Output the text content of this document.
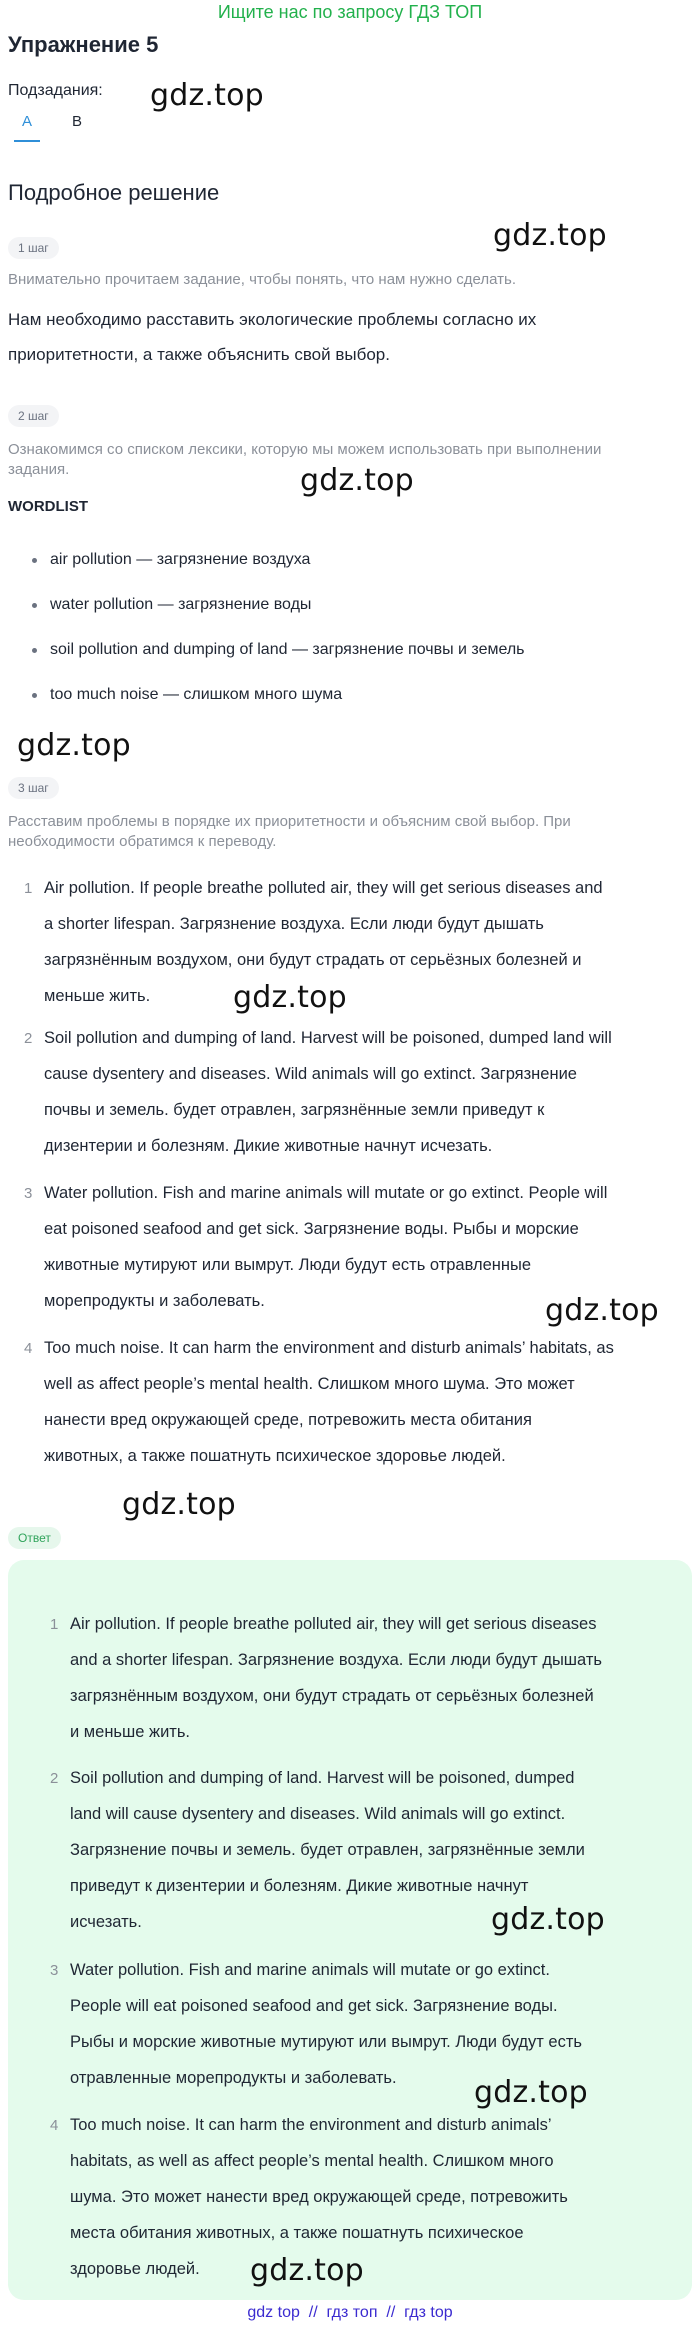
Ищите нас по запросу ГДЗ ТОП
Упражнение 5
Подзадания:
A	B
Подробное решение
1 шаг
Внимательно прочитаем задание, чтобы понять, что нам нужно сделать.
Нам необходимо расставить экологические проблемы согласно их
приоритетности, а также объяснить свой выбор.
2 шаг
Ознакомимся со списком лексики, которую мы можем использовать при выполнении
задания.
WORDLIST
air pollution — загрязнение воздуха
water pollution — загрязнение воды
soil pollution and dumping of land — загрязнение почвы и земель
too much noise — слишком много шума
3 шаг
Расставим проблемы в порядке их приоритетности и объясним свой выбор. При
необходимости обратимся к переводу.
1 Air pollution. If people breathe polluted air, they will get serious diseases and
a shorter lifespan. Загрязнение воздуха. Если люди будут дышать
загрязнённым воздухом, они будут страдать от серьёзных болезней и
меньше жить.
2 Soil pollution and dumping of land. Harvest will be poisoned, dumped land will
cause dysentery and diseases. Wild animals will go extinct. Загрязнение
почвы и земель. будет отравлен, загрязнённые земли приведут к
дизентерии и болезням. Дикие животные начнут исчезать.
3 Water pollution. Fish and marine animals will mutate or go extinct. People will
eat poisoned seafood and get sick. Загрязнение воды. Рыбы и морские
животные мутируют или вымрут. Люди будут есть отравленные
морепродукты и заболевать.
4 Too much noise. It can harm the environment and disturb animals’ habitats, as
well as affect people’s mental health. Слишком много шума. Это может
нанести вред окружающей среде, потревожить места обитания
животных, а также пошатнуть психическое здоровье людей.
Ответ
1 Air pollution. If people breathe polluted air, they will get serious diseases
and a shorter lifespan. Загрязнение воздуха. Если люди будут дышать
загрязнённым воздухом, они будут страдать от серьёзных болезней
и меньше жить.
2 Soil pollution and dumping of land. Harvest will be poisoned, dumped
land will cause dysentery and diseases. Wild animals will go extinct.
Загрязнение почвы и земель. будет отравлен, загрязнённые земли
приведут к дизентерии и болезням. Дикие животные начнут
исчезать.
3 Water pollution. Fish and marine animals will mutate or go extinct.
People will eat poisoned seafood and get sick. Загрязнение воды.
Рыбы и морские животные мутируют или вымрут. Люди будут есть
отравленные морепродукты и заболевать.
4 Too much noise. It can harm the environment and disturb animals’
habitats, as well as affect people’s mental health. Слишком много
шума. Это может нанести вред окружающей среде, потревожить
места обитания животных, а также пошатнуть психическое
здоровье людей.
gdz.top
gdz.top
gdz.top
gdz.top
gdz.top
gdz.top
gdz.top
gdz.top
gdz.top
gdz.top
gdz top  //  гдз топ  //  гдз top
